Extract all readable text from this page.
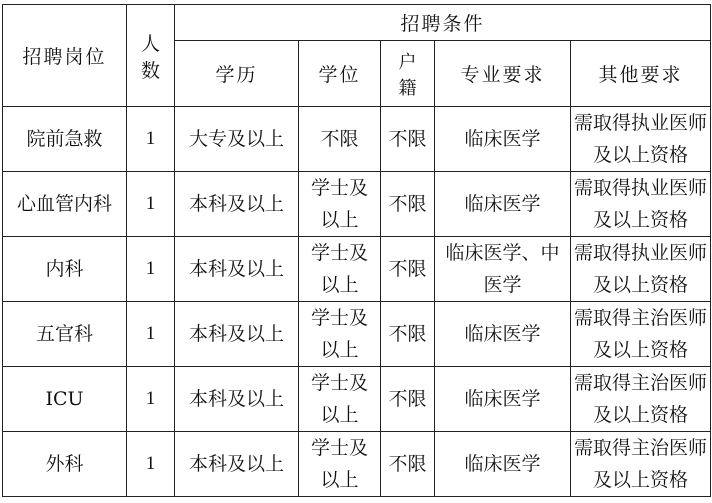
招聘岗位	人数	招聘条件				
		学历	学位	户籍	专业要求	其他要求
院前急救	1	大专及以上	不限	不限	临床医学	需取得执业医师及以上资格
心血管内科	1	本科及以上	学士及以上	不限	临床医学	需取得执业医师及以上资格
内科	1	本科及以上	学士及以上	不限	临床医学、中医学	需取得执业医师及以上资格
五官科	1	本科及以上	学士及以上	不限	临床医学	需取得主治医师及以上资格
ICU	1	本科及以上	学士及以上	不限	临床医学	需取得主治医师及以上资格
外科	1	本科及以上	学士及以上	不限	临床医学	需取得主治医师及以上资格
